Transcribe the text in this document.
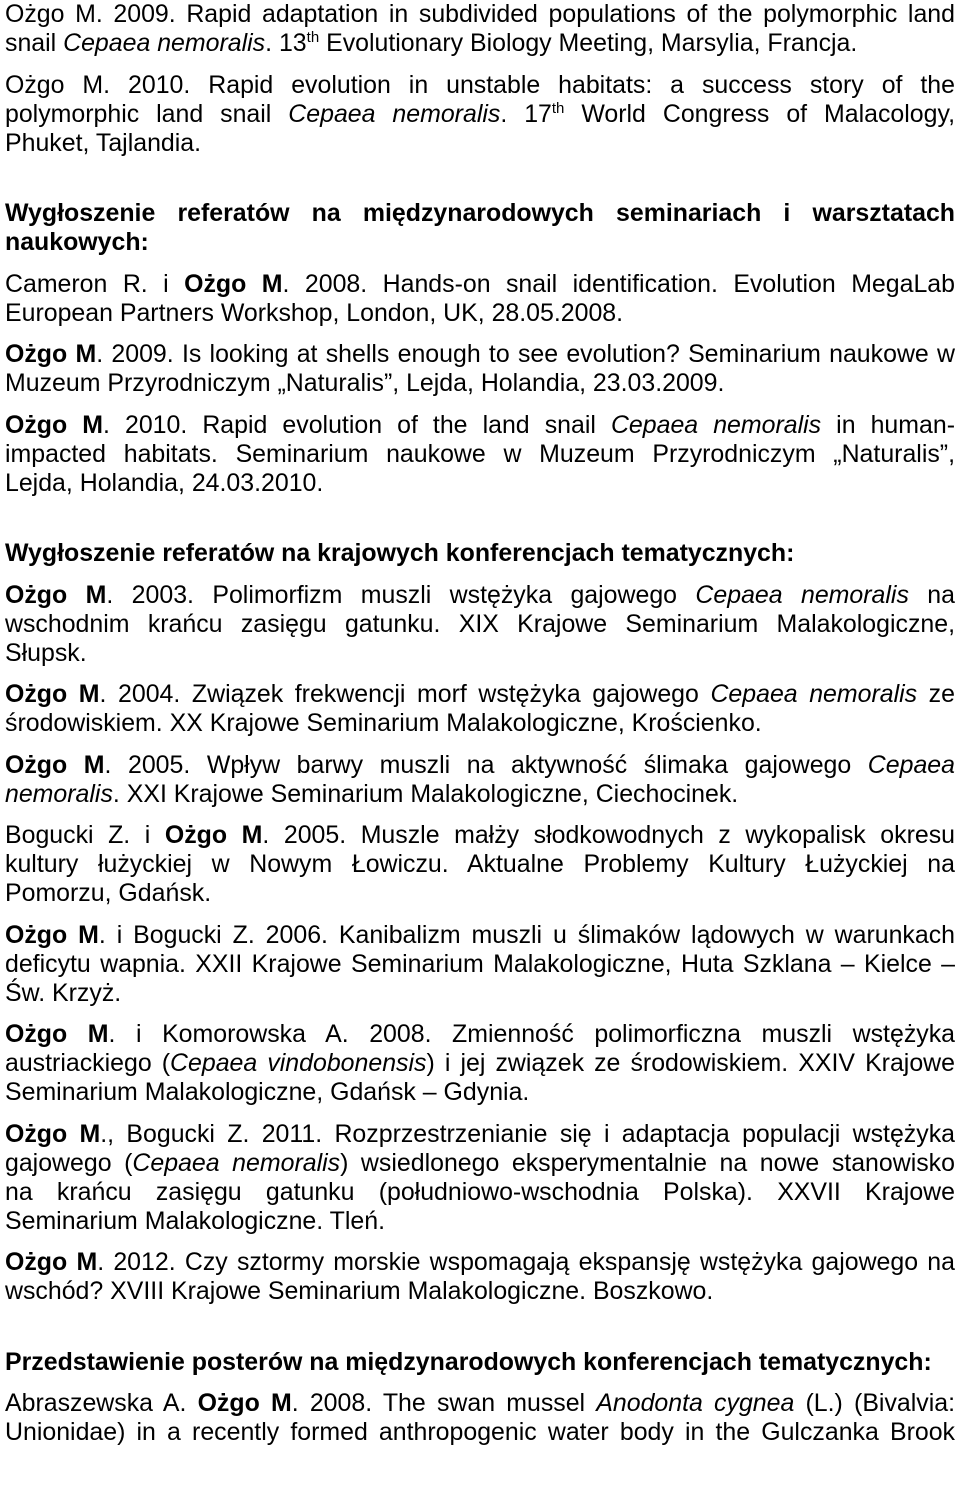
Ożgo M. 2009. Rapid adaptation in subdivided populations of the polymorphic land
snail Cepaea nemoralis. 13th Evolutionary Biology Meeting, Marsylia, Francja.
Ożgo M. 2010. Rapid evolution in unstable habitats: a success story of the
polymorphic land snail Cepaea nemoralis. 17th World Congress of Malacology,
Phuket, Tajlandia.
Wygłoszenie referatów na międzynarodowych seminariach i warsztatach
naukowych:
Cameron R. i Ożgo M. 2008. Hands-on snail identification. Evolution MegaLab
European Partners Workshop, London, UK, 28.05.2008.
Ożgo M. 2009. Is looking at shells enough to see evolution? Seminarium naukowe w
Muzeum Przyrodniczym „Naturalis”, Lejda, Holandia, 23.03.2009.
Ożgo M. 2010. Rapid evolution of the land snail Cepaea nemoralis in human-
impacted habitats. Seminarium naukowe w Muzeum Przyrodniczym „Naturalis”,
Lejda, Holandia, 24.03.2010.
Wygłoszenie referatów na krajowych konferencjach tematycznych:
Ożgo M. 2003. Polimorfizm muszli wstężyka gajowego Cepaea nemoralis na
wschodnim krańcu zasięgu gatunku. XIX Krajowe Seminarium Malakologiczne,
Słupsk.
Ożgo M. 2004. Związek frekwencji morf wstężyka gajowego Cepaea nemoralis ze
środowiskiem. XX Krajowe Seminarium Malakologiczne, Krościenko.
Ożgo M. 2005. Wpływ barwy muszli na aktywność ślimaka gajowego Cepaea
nemoralis. XXI Krajowe Seminarium Malakologiczne, Ciechocinek.
Bogucki Z. i Ożgo M. 2005. Muszle małży słodkowodnych z wykopalisk okresu
kultury łużyckiej w Nowym Łowiczu. Aktualne Problemy Kultury Łużyckiej na
Pomorzu, Gdańsk.
Ożgo M. i Bogucki Z. 2006. Kanibalizm muszli u ślimaków lądowych w warunkach
deficytu wapnia. XXII Krajowe Seminarium Malakologiczne, Huta Szklana – Kielce –
Św. Krzyż.
Ożgo M. i Komorowska A. 2008. Zmienność polimorficzna muszli wstężyka
austriackiego (Cepaea vindobonensis) i jej związek ze środowiskiem. XXIV Krajowe
Seminarium Malakologiczne, Gdańsk – Gdynia.
Ożgo M., Bogucki Z. 2011. Rozprzestrzenianie się i adaptacja populacji wstężyka
gajowego (Cepaea nemoralis) wsiedlonego eksperymentalnie na nowe stanowisko
na krańcu zasięgu gatunku (południowo-wschodnia Polska). XXVII Krajowe
Seminarium Malakologiczne. Tleń.
Ożgo M. 2012. Czy sztormy morskie wspomagają ekspansję wstężyka gajowego na
wschód? XVIII Krajowe Seminarium Malakologiczne. Boszkowo.
Przedstawienie posterów na międzynarodowych konferencjach tematycznych:
Abraszewska A. Ożgo M. 2008. The swan mussel Anodonta cygnea (L.) (Bivalvia:
Unionidae) in a recently formed anthropogenic water body in the Gulczanka Brook
